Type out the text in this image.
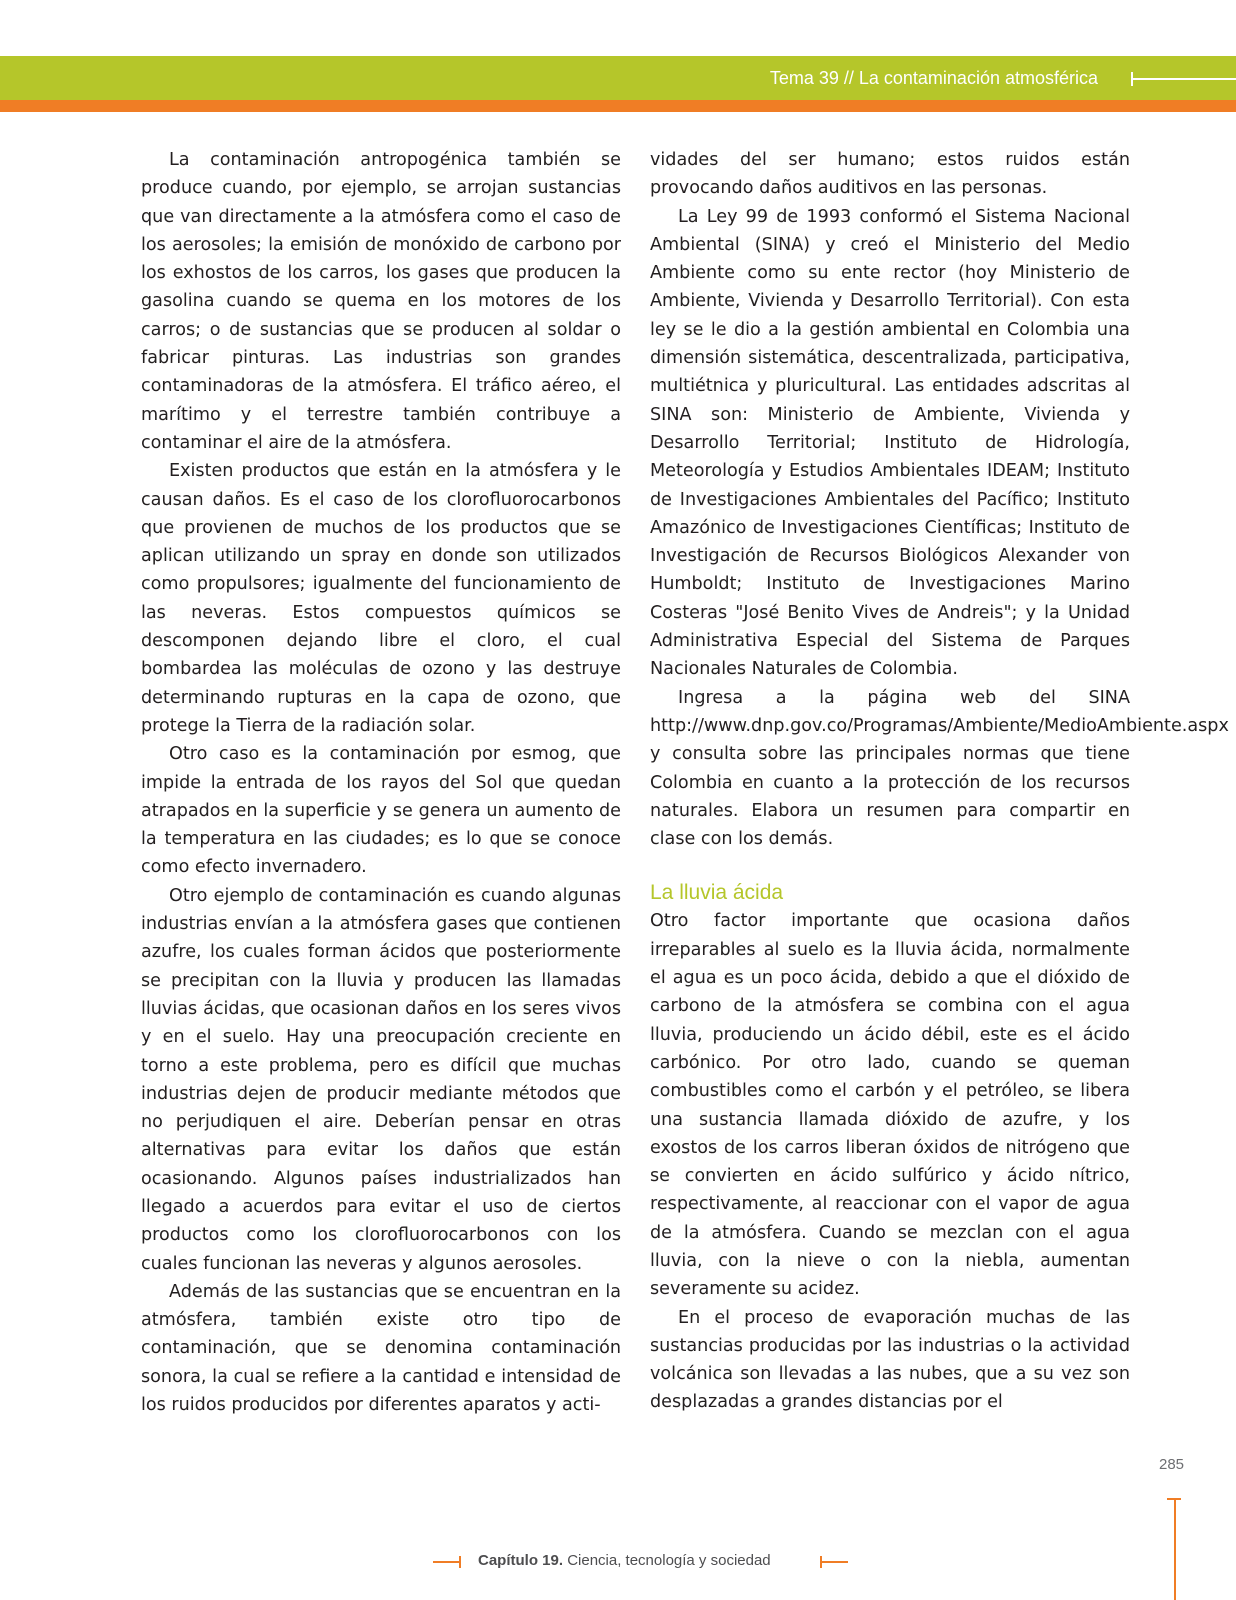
Tema 39 // La contaminación atmosférica

La contaminación antropogénica también se produce cuando, por ejemplo, se arrojan sustancias que van directamente a la atmósfera como el caso de los aerosoles; la emisión de monóxido de carbono por los exhostos de los carros, los gases que producen la gasolina cuando se quema en los motores de los carros; o de sustancias que se producen al soldar o fabricar pinturas. Las industrias son grandes contaminadoras de la atmósfera. El tráfico aéreo, el marítimo y el terrestre también contribuye a contaminar el aire de la atmósfera.

Existen productos que están en la atmósfera y le causan daños. Es el caso de los clorofluorocarbonos que provienen de muchos de los productos que se aplican utilizando un spray en donde son utilizados como propulsores; igualmente del funcionamiento de las neveras. Estos compuestos químicos se descomponen dejando libre el cloro, el cual bombardea las moléculas de ozono y las destruye determinando rupturas en la capa de ozono, que protege la Tierra de la radiación solar.

Otro caso es la contaminación por esmog, que impide la entrada de los rayos del Sol que quedan atrapados en la superficie y se genera un aumento de la temperatura en las ciudades; es lo que se conoce como efecto invernadero.

Otro ejemplo de contaminación es cuando algunas industrias envían a la atmósfera gases que contienen azufre, los cuales forman ácidos que posteriormente se precipitan con la lluvia y producen las llamadas lluvias ácidas, que ocasionan daños en los seres vivos y en el suelo. Hay una preocupación creciente en torno a este problema, pero es difícil que muchas industrias dejen de producir mediante métodos que no perjudiquen el aire. Deberían pensar en otras alternativas para evitar los daños que están ocasionando. Algunos países industrializados han llegado a acuerdos para evitar el uso de ciertos productos como los clorofluorocarbonos con los cuales funcionan las neveras y algunos aerosoles.

Además de las sustancias que se encuentran en la atmósfera, también existe otro tipo de contaminación, que se denomina contaminación sonora, la cual se refiere a la cantidad e intensidad de los ruidos producidos por diferentes aparatos y acti-

vidades del ser humano; estos ruidos están provocando daños auditivos en las personas.

La Ley 99 de 1993 conformó el Sistema Nacional Ambiental (SINA) y creó el Ministerio del Medio Ambiente como su ente rector (hoy Ministerio de Ambiente, Vivienda y Desarrollo Territorial). Con esta ley se le dio a la gestión ambiental en Colombia una dimensión sistemática, descentralizada, participativa, multiétnica y pluricultural. Las entidades adscritas al SINA son: Ministerio de Ambiente, Vivienda y Desarrollo Territorial; Instituto de Hidrología, Meteorología y Estudios Ambientales IDEAM; Instituto de Investigaciones Ambientales del Pacífico; Instituto Amazónico de Investigaciones Científicas; Instituto de Investigación de Recursos Biológicos Alexander von Humboldt; Instituto de Investigaciones Marino Costeras "José Benito Vives de Andreis"; y la Unidad Administrativa Especial del Sistema de Parques Nacionales Naturales de Colombia.

Ingresa a la página web del SINA http://www.dnp.gov.co/Programas/Ambiente/MedioAmbiente.aspx y consulta sobre las principales normas que tiene Colombia en cuanto a la protección de los recursos naturales. Elabora un resumen para compartir en clase con los demás.

La lluvia ácida

Otro factor importante que ocasiona daños irreparables al suelo es la lluvia ácida, normalmente el agua es un poco ácida, debido a que el dióxido de carbono de la atmósfera se combina con el agua lluvia, produciendo un ácido débil, este es el ácido carbónico. Por otro lado, cuando se queman combustibles como el carbón y el petróleo, se libera una sustancia llamada dióxido de azufre, y los exostos de los carros liberan óxidos de nitrógeno que se convierten en ácido sulfúrico y ácido nítrico, respectivamente, al reaccionar con el vapor de agua de la atmósfera. Cuando se mezclan con el agua lluvia, con la nieve o con la niebla, aumentan severamente su acidez.

En el proceso de evaporación muchas de las sustancias producidas por las industrias o la actividad volcánica son llevadas a las nubes, que a su vez son desplazadas a grandes distancias por el

285
Capítulo 19. Ciencia, tecnología y sociedad
